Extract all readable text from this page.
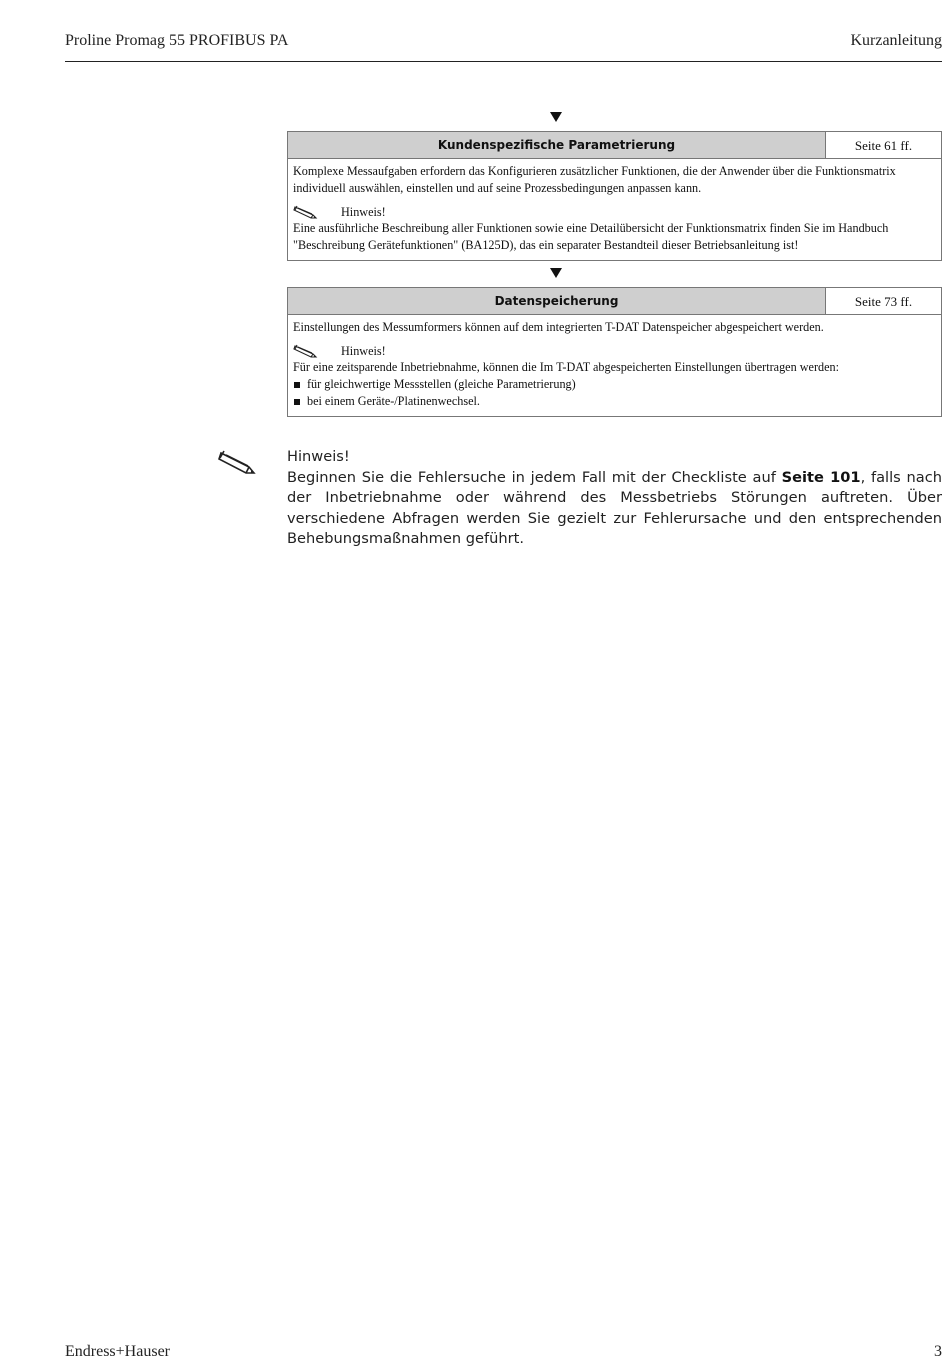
Proline Promag 55 PROFIBUS PA	Kurzanleitung
Kundenspezifische Parametrierung	Seite 61 ff.

Komplexe Messaufgaben erfordern das Konfigurieren zusätzlicher Funktionen, die der Anwender über die Funktionsmatrix individuell auswählen, einstellen und auf seine Prozessbedingungen anpassen kann.

Hinweis!

Eine ausführliche Beschreibung aller Funktionen sowie eine Detailübersicht der Funktionsmatrix finden Sie im Handbuch "Beschreibung Gerätefunktionen" (BA125D), das ein separater Bestandteil dieser Betriebsanleitung ist!

Datenspeicherung	Seite 73 ff.

Einstellungen des Messumformers können auf dem integrierten T-DAT Datenspeicher abgespeichert werden.

Hinweis!

Für eine zeitsparende Inbetriebnahme, können die Im T-DAT abgespeicherten Einstellungen übertragen werden:

für gleichwertige Messstellen (gleiche Parametrierung)
bei einem Geräte-/Platinenwechsel.
Hinweis!
Beginnen Sie die Fehlersuche in jedem Fall mit der Checkliste auf Seite 101, falls nach der Inbetriebnahme oder während des Messbetriebs Störungen auftreten. Über verschiedene Abfragen werden Sie gezielt zur Fehlerursache und den entsprechenden Behebungsmaßnahmen geführt.
Endress+Hauser	3
